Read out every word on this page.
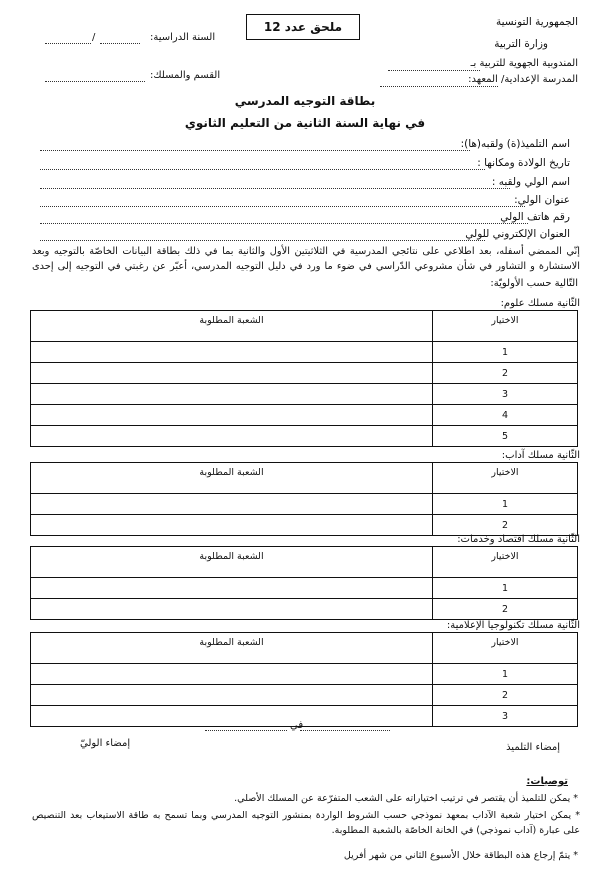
ملحق عدد 12	الجمهورية التونسية
وزارة التربية
المندوبية الجهوية للتربية بـ
المدرسة الإعدادية/ المعهد:
السنة الدراسية:
/
القسم والمسلك:
بطاقة التوجيه المدرسي
في نهاية السنة الثانية من التعليم الثانوي
اسم التلميذ(ة) ولقبه(ها):
تاريخ الولادة ومكانها :
اسم الولي ولقبه :
عنوان الولي:
رقم هاتف الولي
العنوان الإلكتروني للولي
إنّي الممضي أسفله، بعد اطلاعي على نتائجي المدرسية في الثلاثيتين الأول والثانية بما في ذلك بطاقة البيانات الخاصّة بالتوجيه وبعد الاستشارة و التشاور في شأن مشروعي الدّراسي في ضوء ما ورد في دليل التوجيه المدرسي، أعبّر عن رغبتي في التوجيه إلى إحدى
التّالية حسب الأولويّة:
الثّانية مسلك علوم:
الاختيار	الشعبة المطلوبة
1	
2	
3	
4	
5	
الثّانية مسلك آداب:
الاختيار	الشعبة المطلوبة
1	
2	
الثّانية مسلك اقتصاد وخدمات:
الاختيار	الشعبة المطلوبة
1	
2	
الثّانية مسلك تكنولوجيا الإعلامية:
الاختيار	الشعبة المطلوبة
1	
2	
3	
في
إمضاء التلميذ
إمضاء الوليّ
توصيات:
* يمكن للتلميذ أن يقتصر في ترتيب اختياراته على الشعب المتفرّعة عن المسلك الأصلي.
* يمكن اختيار شعبة الآداب بمعهد نموذجي حسب الشروط الواردة بمنشور التوجيه المدرسي وبما تسمح به طاقة الاستيعاب بعد التنصيص على عبارة (آداب نموذجي) في الخانة الخاصّة بالشعبة المطلوبة.
* يتمّ إرجاع هذه البطاقة خلال الأسبوع الثاني من شهر أفريل
